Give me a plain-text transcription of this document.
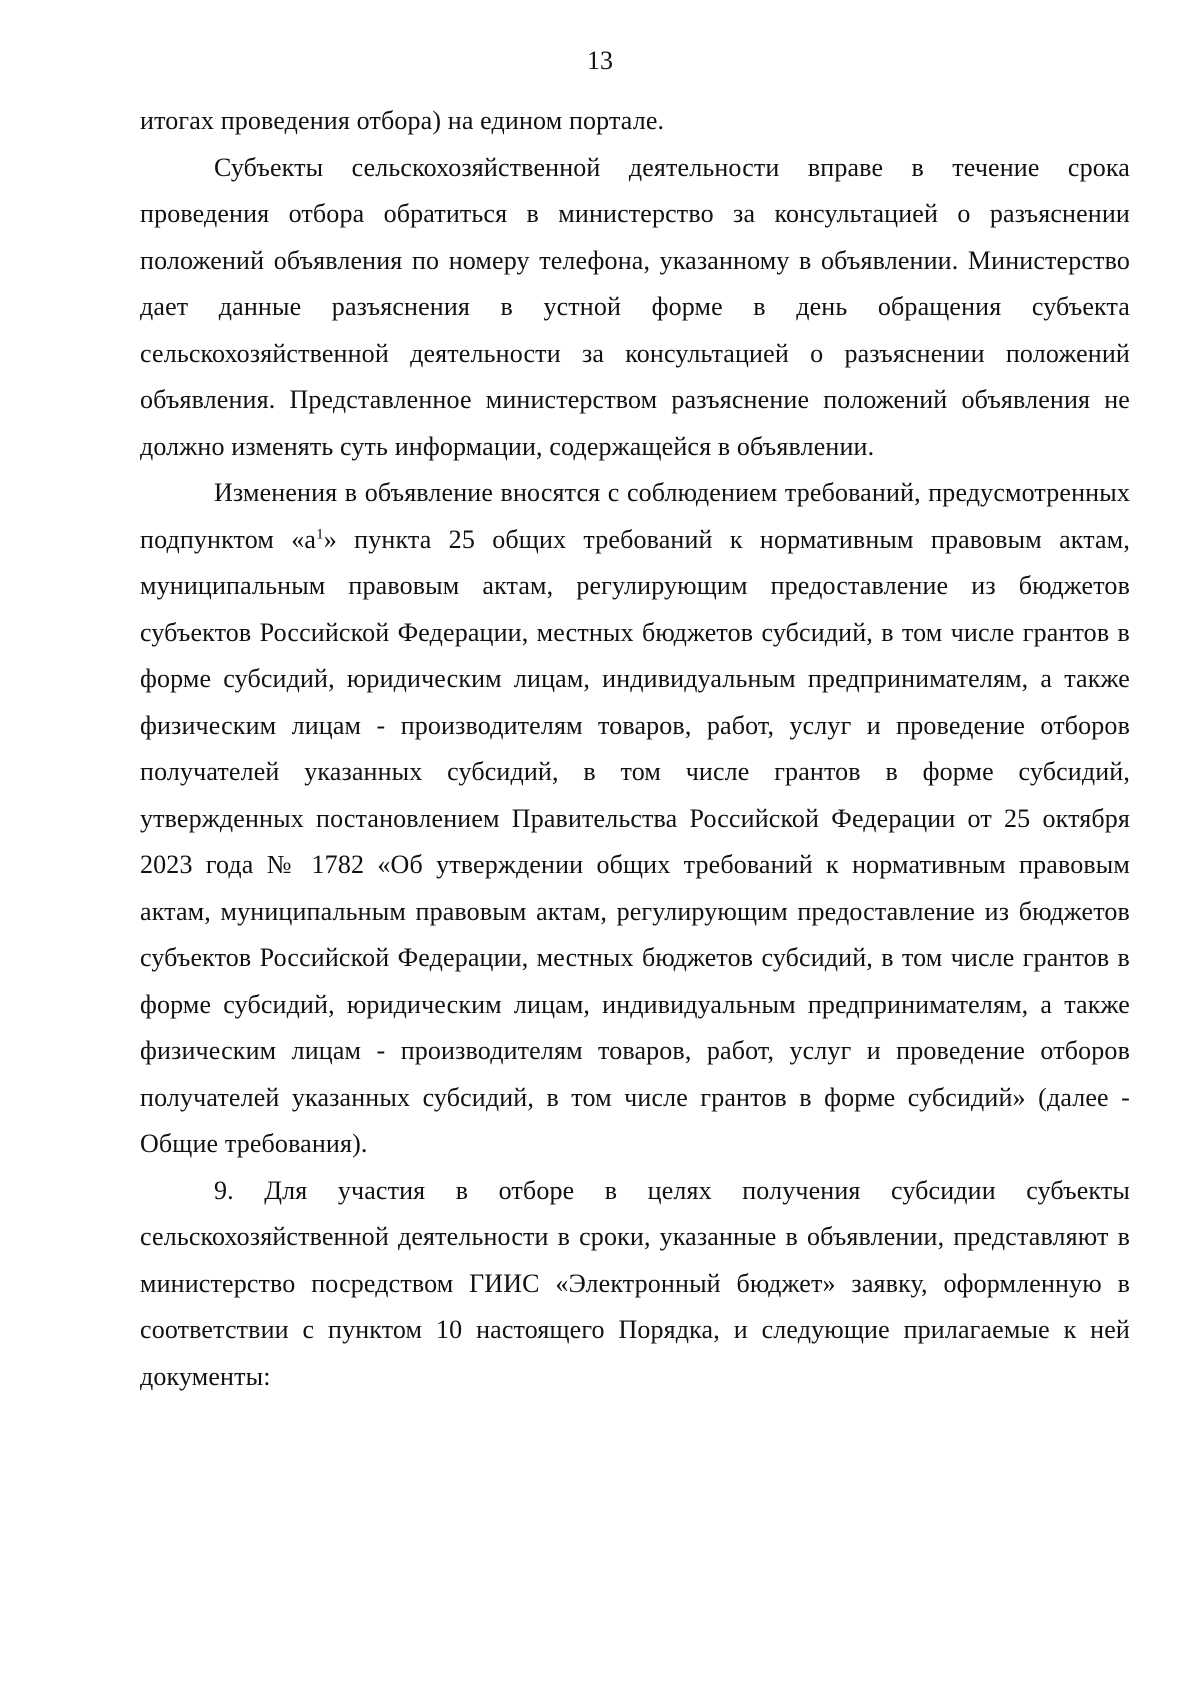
13

итогах проведения отбора) на едином портале.

Субъекты сельскохозяйственной деятельности вправе в течение срока проведения отбора обратиться в министерство за консультацией о разъяснении положений объявления по номеру телефона, указанному в объявлении. Министерство дает данные разъяснения в устной форме в день обращения субъекта сельскохозяйственной деятельности за консультацией о разъяснении положений объявления. Представленное министерством разъяснение положений объявления не должно изменять суть информации, содержащейся в объявлении.

Изменения в объявление вносятся с соблюдением требований, предусмотренных подпунктом «$а^1$» пункта 25 общих требований к нормативным правовым актам, муниципальным правовым актам, регулирующим предоставление из бюджетов субъектов Российской Федерации, местных бюджетов субсидий, в том числе грантов в форме субсидий, юридическим лицам, индивидуальным предпринимателям, а также физическим лицам - производителям товаров, работ, услуг и проведение отборов получателей указанных субсидий, в том числе грантов в форме субсидий, утвержденных постановлением Правительства Российской Федерации от 25 октября 2023 года № 1782 «Об утверждении общих требований к нормативным правовым актам, муниципальным правовым актам, регулирующим предоставление из бюджетов субъектов Российской Федерации, местных бюджетов субсидий, в том числе грантов в форме субсидий, юридическим лицам, индивидуальным предпринимателям, а также физическим лицам - производителям товаров, работ, услуг и проведение отборов получателей указанных субсидий, в том числе грантов в форме субсидий» (далее - Общие требования).

9. Для участия в отборе в целях получения субсидии субъекты сельскохозяйственной деятельности в сроки, указанные в объявлении, представляют в министерство посредством ГИИС «Электронный бюджет» заявку, оформленную в соответствии с пунктом 10 настоящего Порядка, и следующие прилагаемые к ней документы:
